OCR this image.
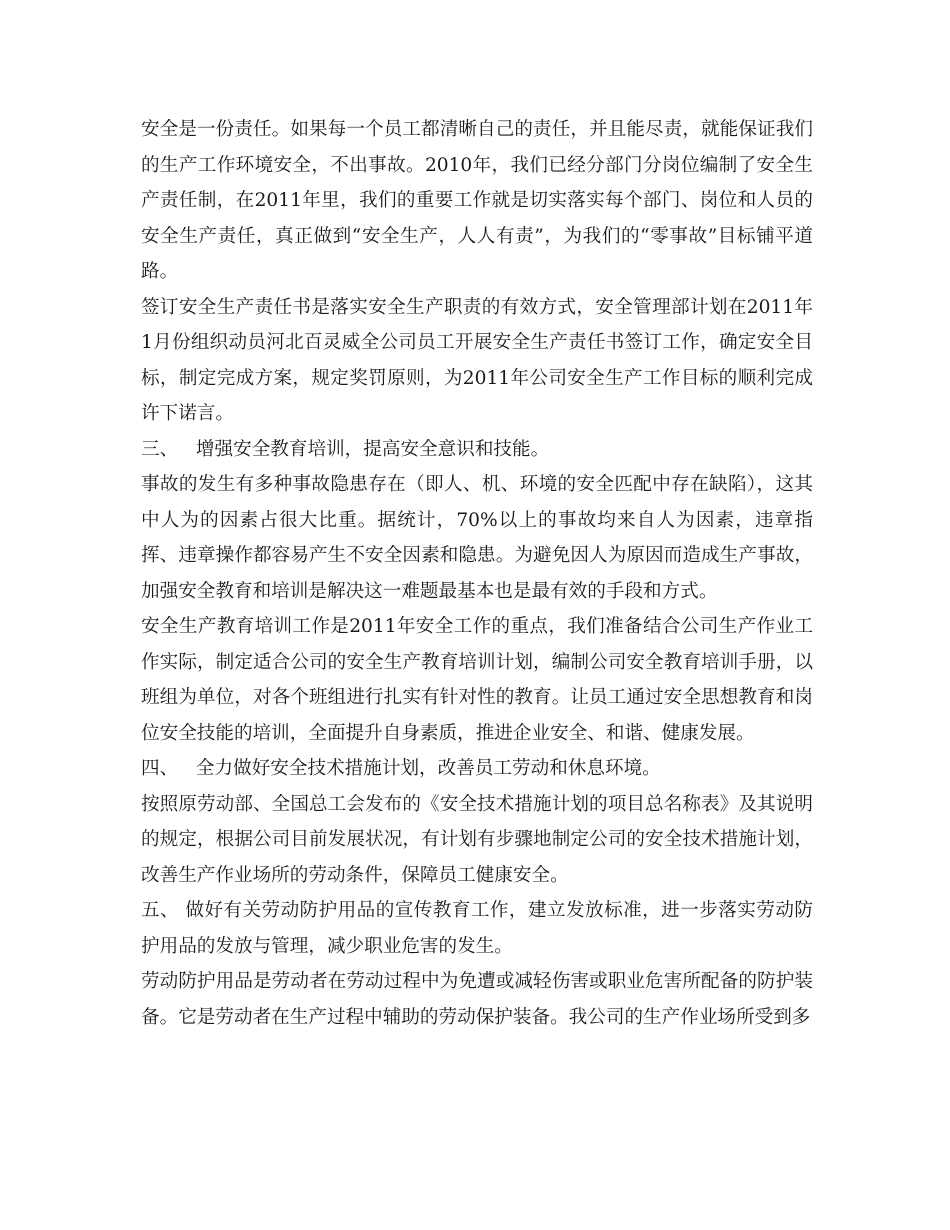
安全是一份责任。如果每一个员工都清晰自己的责任，并且能尽责，就能保证我们的生产工作环境安全，不出事故。2010年，我们已经分部门分岗位编制了安全生产责任制，在2011年里，我们的重要工作就是切实落实每个部门、岗位和人员的安全生产责任，真正做到“安全生产，人人有责”，为我们的“零事故”目标铺平道路。

签订安全生产责任书是落实安全生产职责的有效方式，安全管理部计划在2011年1月份组织动员河北百灵威全公司员工开展安全生产责任书签订工作，确定安全目标，制定完成方案，规定奖罚原则，为2011年公司安全生产工作目标的顺利完成许下诺言。

三、   增强安全教育培训，提高安全意识和技能。

事故的发生有多种事故隐患存在（即人、机、环境的安全匹配中存在缺陷），这其中人为的因素占很大比重。据统计，70%以上的事故均来自人为因素，违章指挥、违章操作都容易产生不安全因素和隐患。为避免因人为原因而造成生产事故，加强安全教育和培训是解决这一难题最基本也是最有效的手段和方式。

安全生产教育培训工作是2011年安全工作的重点，我们准备结合公司生产作业工作实际，制定适合公司的安全生产教育培训计划，编制公司安全教育培训手册，以班组为单位，对各个班组进行扎实有针对性的教育。让员工通过安全思想教育和岗位安全技能的培训，全面提升自身素质，推进企业安全、和谐、健康发展。

四、   全力做好安全技术措施计划，改善员工劳动和休息环境。

按照原劳动部、全国总工会发布的《安全技术措施计划的项目总名称表》及其说明的规定，根据公司目前发展状况，有计划有步骤地制定公司的安全技术措施计划，改善生产作业场所的劳动条件，保障员工健康安全。

五、 做好有关劳动防护用品的宣传教育工作，建立发放标准，进一步落实劳动防护用品的发放与管理，减少职业危害的发生。

劳动防护用品是劳动者在劳动过程中为免遭或减轻伤害或职业危害所配备的防护装备。它是劳动者在生产过程中辅助的劳动保护装备。我公司的生产作业场所受到多
